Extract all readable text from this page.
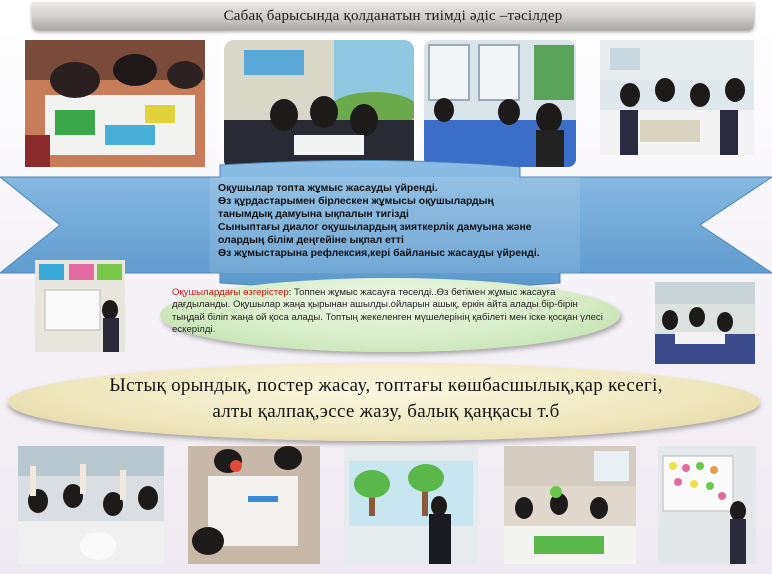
Сабақ барысында қолданатын тиімді әдіс –тәсілдер
Оқушылар топта жұмыс жасауды үйренді.
Өз құрдастарымен бірлескен жұмысы оқушылардың
танымдық дамуына ықпалын тигізді
Сыныптағы диалог оқушылардың зияткерлік дамуына және
олардың білім деңгейіне ықпал етті
Өз жұмыстарына рефлексия,кері байланыс жасауды үйренді.
Оқушылардағы өзгерістер: Топпен жұмыс жасауға төселді..Өз бетімен жұмыс жасауға дағдыланды. Оқушылар жаңа қырынан ашылды.ойларын ашық, еркін айта алады.бір-бірін тыңдай біліп жаңа ой қоса алады. Топтың жекеленген мүшелерінің қабілеті мен іске қосқан үлесі ескерілді.
Ыстық орындық, постер жасау, топтағы көшбасшылық,қар кесегі, алты қалпақ,эссе жазу, балық қаңқасы т.б
